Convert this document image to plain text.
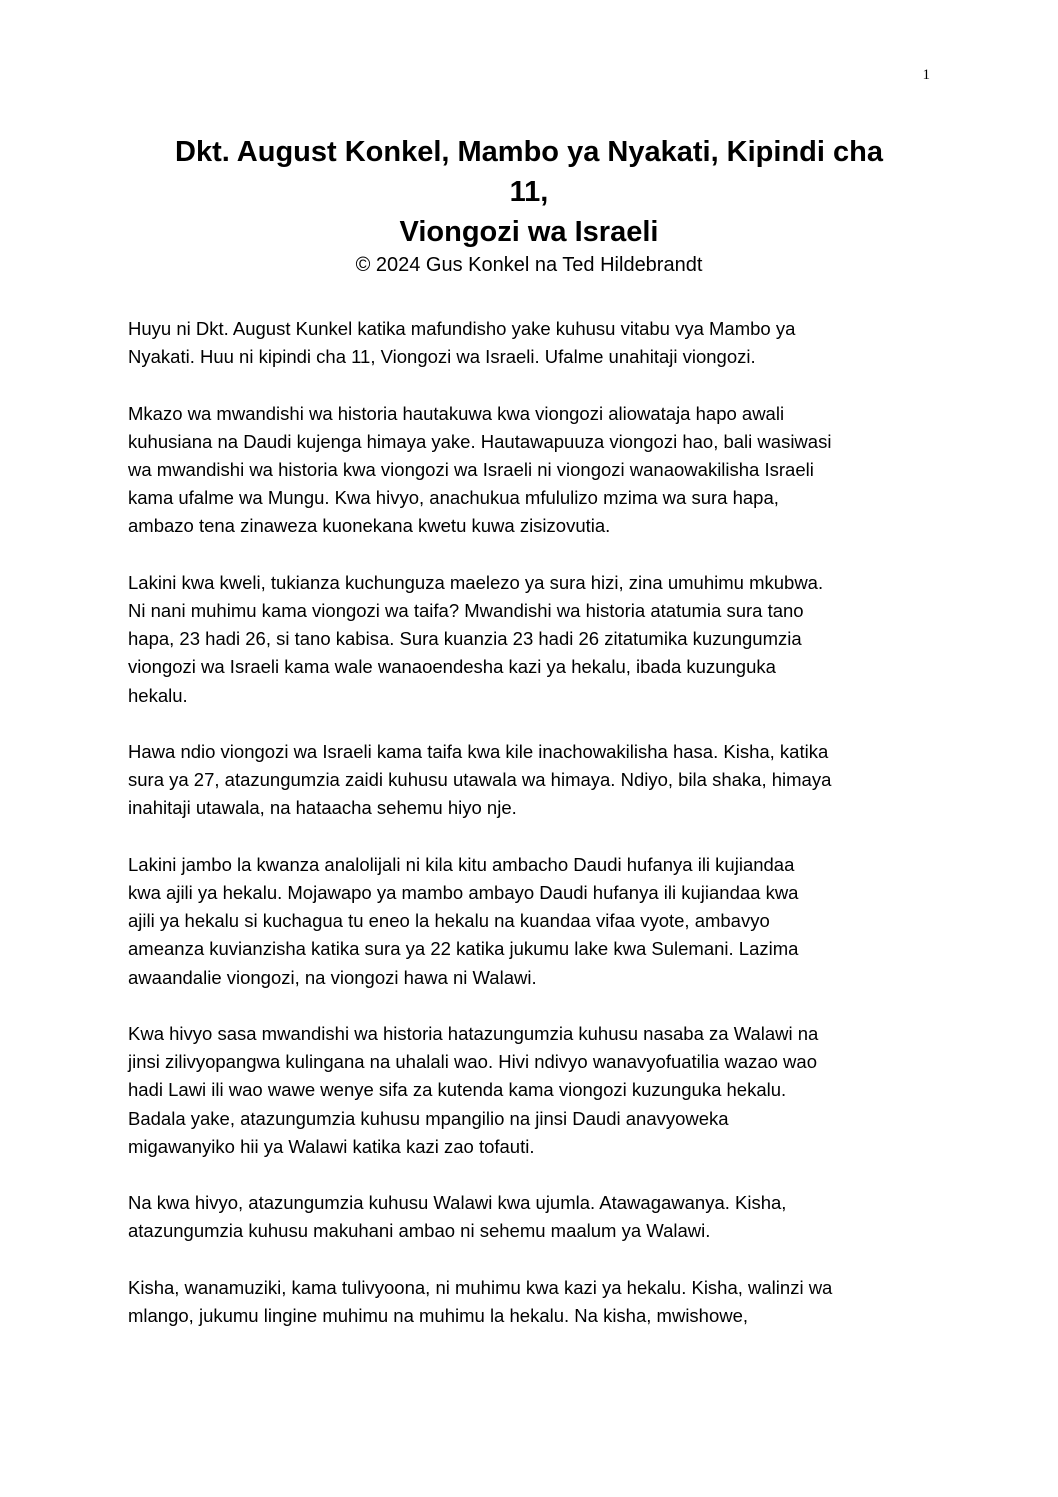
1
Dkt. August Konkel, Mambo ya Nyakati, Kipindi cha
11,
Viongozi wa Israeli
© 2024 Gus Konkel na Ted Hildebrandt

Huyu ni Dkt. August Kunkel katika mafundisho yake kuhusu vitabu vya Mambo ya
Nyakati. Huu ni kipindi cha 11, Viongozi wa Israeli. Ufalme unahitaji viongozi.

Mkazo wa mwandishi wa historia hautakuwa kwa viongozi aliowataja hapo awali
kuhusiana na Daudi kujenga himaya yake. Hautawapuuza viongozi hao, bali wasiwasi
wa mwandishi wa historia kwa viongozi wa Israeli ni viongozi wanaowakilisha Israeli
kama ufalme wa Mungu. Kwa hivyo, anachukua mfululizo mzima wa sura hapa,
ambazo tena zinaweza kuonekana kwetu kuwa zisizovutia.

Lakini kwa kweli, tukianza kuchunguza maelezo ya sura hizi, zina umuhimu mkubwa.
Ni nani muhimu kama viongozi wa taifa? Mwandishi wa historia atatumia sura tano
hapa, 23 hadi 26, si tano kabisa. Sura kuanzia 23 hadi 26 zitatumika kuzungumzia
viongozi wa Israeli kama wale wanaoendesha kazi ya hekalu, ibada kuzunguka
hekalu.

Hawa ndio viongozi wa Israeli kama taifa kwa kile inachowakilisha hasa. Kisha, katika
sura ya 27, atazungumzia zaidi kuhusu utawala wa himaya. Ndiyo, bila shaka, himaya
inahitaji utawala, na hataacha sehemu hiyo nje.

Lakini jambo la kwanza analolijali ni kila kitu ambacho Daudi hufanya ili kujiandaa
kwa ajili ya hekalu. Mojawapo ya mambo ambayo Daudi hufanya ili kujiandaa kwa
ajili ya hekalu si kuchagua tu eneo la hekalu na kuandaa vifaa vyote, ambavyo
ameanza kuvianzisha katika sura ya 22 katika jukumu lake kwa Sulemani. Lazima
awaandalie viongozi, na viongozi hawa ni Walawi.

Kwa hivyo sasa mwandishi wa historia hatazungumzia kuhusu nasaba za Walawi na
jinsi zilivyopangwa kulingana na uhalali wao. Hivi ndivyo wanavyofuatilia wazao wao
hadi Lawi ili wao wawe wenye sifa za kutenda kama viongozi kuzunguka hekalu.
Badala yake, atazungumzia kuhusu mpangilio na jinsi Daudi anavyoweka
migawanyiko hii ya Walawi katika kazi zao tofauti.

Na kwa hivyo, atazungumzia kuhusu Walawi kwa ujumla. Atawagawanya. Kisha,
atazungumzia kuhusu makuhani ambao ni sehemu maalum ya Walawi.

Kisha, wanamuziki, kama tulivyoona, ni muhimu kwa kazi ya hekalu. Kisha, walinzi wa
mlango, jukumu lingine muhimu na muhimu la hekalu. Na kisha, mwishowe,
